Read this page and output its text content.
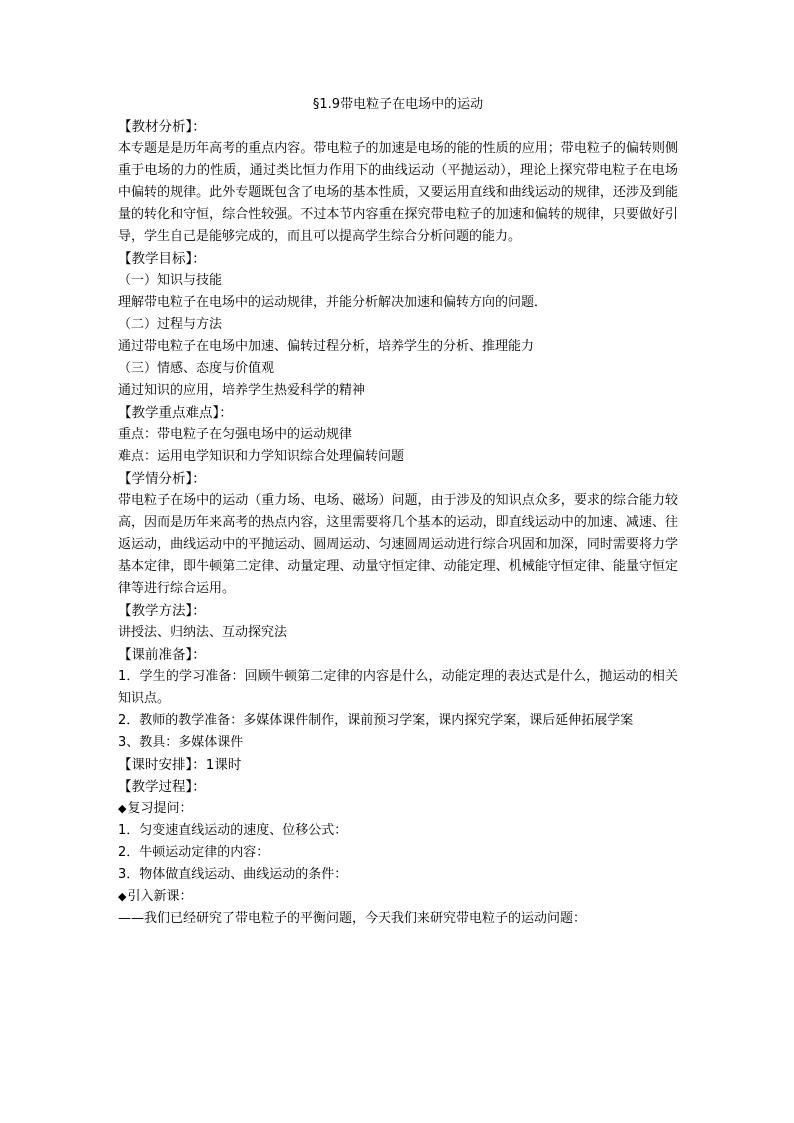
§1.9带电粒子在电场中的运动
【教材分析】：
本专题是是历年高考的重点内容。带电粒子的加速是电场的能的性质的应用；带电粒子的偏转则侧重于电场的力的性质，通过类比恒力作用下的曲线运动（平抛运动），理论上探究带电粒子在电场中偏转的规律。此外专题既包含了电场的基本性质，又要运用直线和曲线运动的规律，还涉及到能量的转化和守恒，综合性较强。不过本节内容重在探究带电粒子的加速和偏转的规律，只要做好引导，学生自己是能够完成的，而且可以提高学生综合分析问题的能力。
【教学目标】：
（一）知识与技能
理解带电粒子在电场中的运动规律，并能分析解决加速和偏转方向的问题．
（二）过程与方法
通过带电粒子在电场中加速、偏转过程分析，培养学生的分析、推理能力
（三）情感、态度与价值观
通过知识的应用，培养学生热爱科学的精神
【教学重点难点】：
重点：带电粒子在匀强电场中的运动规律
难点：运用电学知识和力学知识综合处理偏转问题
【学情分析】：
带电粒子在场中的运动（重力场、电场、磁场）问题，由于涉及的知识点众多，要求的综合能力较高，因而是历年来高考的热点内容，这里需要将几个基本的运动，即直线运动中的加速、减速、往返运动，曲线运动中的平抛运动、圆周运动、匀速圆周运动进行综合巩固和加深，同时需要将力学基本定律，即牛顿第二定律、动量定理、动量守恒定律、动能定理、机械能守恒定律、能量守恒定律等进行综合运用。
【教学方法】：
讲授法、归纳法、互动探究法
【课前准备】：
1．学生的学习准备：回顾牛顿第二定律的内容是什么，动能定理的表达式是什么，抛运动的相关知识点。
2．教师的教学准备：多媒体课件制作，课前预习学案，课内探究学案，课后延伸拓展学案
3、教具：多媒体课件
【课时安排】：1课时
【教学过程】：
◆复习提问：
1．匀变速直线运动的速度、位移公式：
2．牛顿运动定律的内容：
3．物体做直线运动、曲线运动的条件：
◆引入新课：
——我们已经研究了带电粒子的平衡问题，今天我们来研究带电粒子的运动问题：
